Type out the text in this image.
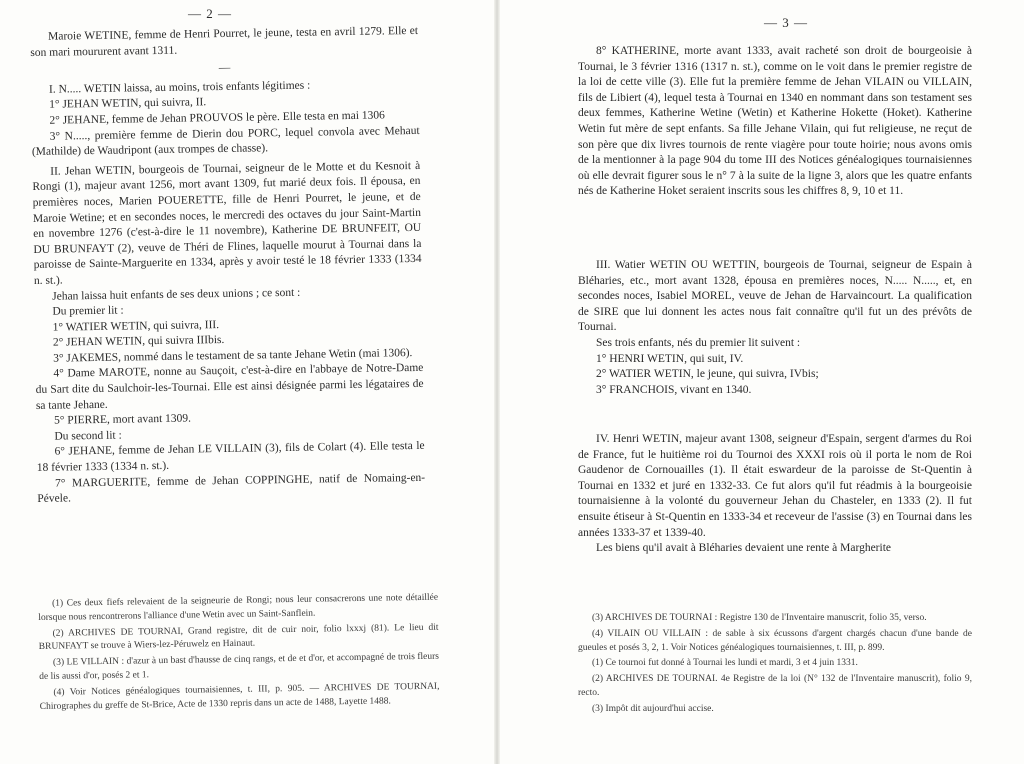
— 2 —

Maroie WETINE, femme de Henri Pourret, le jeune, testa en avril 1279. Elle et son mari moururent avant 1311.

—

I. N..... WETIN laissa, au moins, trois enfants légitimes :

1° JEHAN WETIN, qui suivra, II.

2° JEHANE, femme de Jehan PROUVOS le père. Elle testa en mai 1306

3° N....., première femme de Dierin dou PORC, lequel convola avec Mehaut (Mathilde) de Waudripont (aux trompes de chasse).

II. Jehan WETIN, bourgeois de Tournai, seigneur de le Motte et du Kesnoit à Rongi (1), majeur avant 1256, mort avant 1309, fut marié deux fois. Il épousa, en premières noces, Marien POUERETTE, fille de Henri Pourret, le jeune, et de Maroie Wetine; et en secondes noces, le mercredi des octaves du jour Saint-Martin en novembre 1276 (c'est-à-dire le 11 novembre), Katherine DE BRUNFEIT, OU DU BRUNFAYT (2), veuve de Théri de Flines, laquelle mourut à Tournai dans la paroisse de Sainte-Marguerite en 1334, après y avoir testé le 18 février 1333 (1334 n. st.).

Jehan laissa huit enfants de ses deux unions ; ce sont :

Du premier lit :

1° WATIER WETIN, qui suivra, III.

2° JEHAN WETIN, qui suivra IIIbis.

3° JAKEMES, nommé dans le testament de sa tante Jehane Wetin (mai 1306).

4° Dame MAROTE, nonne au Sauçoit, c'est-à-dire en l'abbaye de Notre-Dame du Sart dite du Saulchoir-les-Tournai. Elle est ainsi désignée parmi les légataires de sa tante Jehane.

5° PIERRE, mort avant 1309.

Du second lit :

6° JEHANE, femme de Jehan LE VILLAIN (3), fils de Colart (4). Elle testa le 18 février 1333 (1334 n. st.).

7° MARGUERITE, femme de Jehan COPPINGHE, natif de Nomaing-en-Pévele.

(1) Ces deux fiefs relevaient de la seigneurie de Rongi; nous leur consacrerons une note détaillée lorsque nous rencontrerons l'alliance d'une Wetin avec un Saint-Sanflein.

(2) ARCHIVES DE TOURNAI, Grand registre, dit de cuir noir, folio lxxxj (81). Le lieu dit BRUNFAYT se trouve à Wiers-lez-Péruwelz en Hainaut.

(3) LE VILLAIN : d'azur à un bast d'hausse de cinq rangs, et de et d'or, et accompagné de trois fleurs de lis aussi d'or, posés 2 et 1.

(4) Voir Notices généalogiques tournaisiennes, t. III, p. 905. — ARCHIVES DE TOURNAI, Chirographes du greffe de St-Brice, Acte de 1330 repris dans un acte de 1488, Layette 1488.

— 3 —

8° KATHERINE, morte avant 1333, avait racheté son droit de bourgeoisie à Tournai, le 3 février 1316 (1317 n. st.), comme on le voit dans le premier registre de la loi de cette ville (3). Elle fut la première femme de Jehan VILAIN ou VILLAIN, fils de Libiert (4), lequel testa à Tournai en 1340 en nommant dans son testament ses deux femmes, Katherine Wetine (Wetin) et Katherine Hokette (Hoket). Katherine Wetin fut mère de sept enfants. Sa fille Jehane Vilain, qui fut religieuse, ne reçut de son père que dix livres tournois de rente viagère pour toute hoirie; nous avons omis de la mentionner à la page 904 du tome III des Notices généalogiques tournaisiennes où elle devrait figurer sous le n° 7 à la suite de la ligne 3, alors que les quatre enfants nés de Katherine Hoket seraient inscrits sous les chiffres 8, 9, 10 et 11.

III. Watier WETIN OU WETTIN, bourgeois de Tournai, seigneur de Espain à Bléharies, etc., mort avant 1328, épousa en premières noces, N..... N....., et, en secondes noces, Isabiel MOREL, veuve de Jehan de Harvaincourt. La qualification de SIRE que lui donnent les actes nous fait connaître qu'il fut un des prévôts de Tournai.

Ses trois enfants, nés du premier lit suivent :

1° HENRI WETIN, qui suit, IV.

2° WATIER WETIN, le jeune, qui suivra, IVbis;

3° FRANCHOIS, vivant en 1340.

IV. Henri WETIN, majeur avant 1308, seigneur d'Espain, sergent d'armes du Roi de France, fut le huitième roi du Tournoi des XXXI rois où il porta le nom de Roi Gaudenor de Cornouailles (1). Il était eswardeur de la paroisse de St-Quentin à Tournai en 1332 et juré en 1332-33. Ce fut alors qu'il fut réadmis à la bourgeoisie tournaisienne à la volonté du gouverneur Jehan du Chasteler, en 1333 (2). Il fut ensuite étiseur à St-Quentin en 1333-34 et receveur de l'assise (3) en Tournai dans les années 1333-37 et 1339-40.

Les biens qu'il avait à Bléharies devaient une rente à Margherite

(3) ARCHIVES DE TOURNAI : Registre 130 de l'Inventaire manuscrit, folio 35, verso.

(4) VILAIN OU VILLAIN : de sable à six écussons d'argent chargés chacun d'une bande de gueules et posés 3, 2, 1. Voir Notices généalogiques tournaisiennes, t. III, p. 899.

(1) Ce tournoi fut donné à Tournai les lundi et mardi, 3 et 4 juin 1331.

(2) ARCHIVES DE TOURNAI. 4e Registre de la loi (N° 132 de l'Inventaire manuscrit), folio 9, recto.

(3) Impôt dit aujourd'hui accise.
